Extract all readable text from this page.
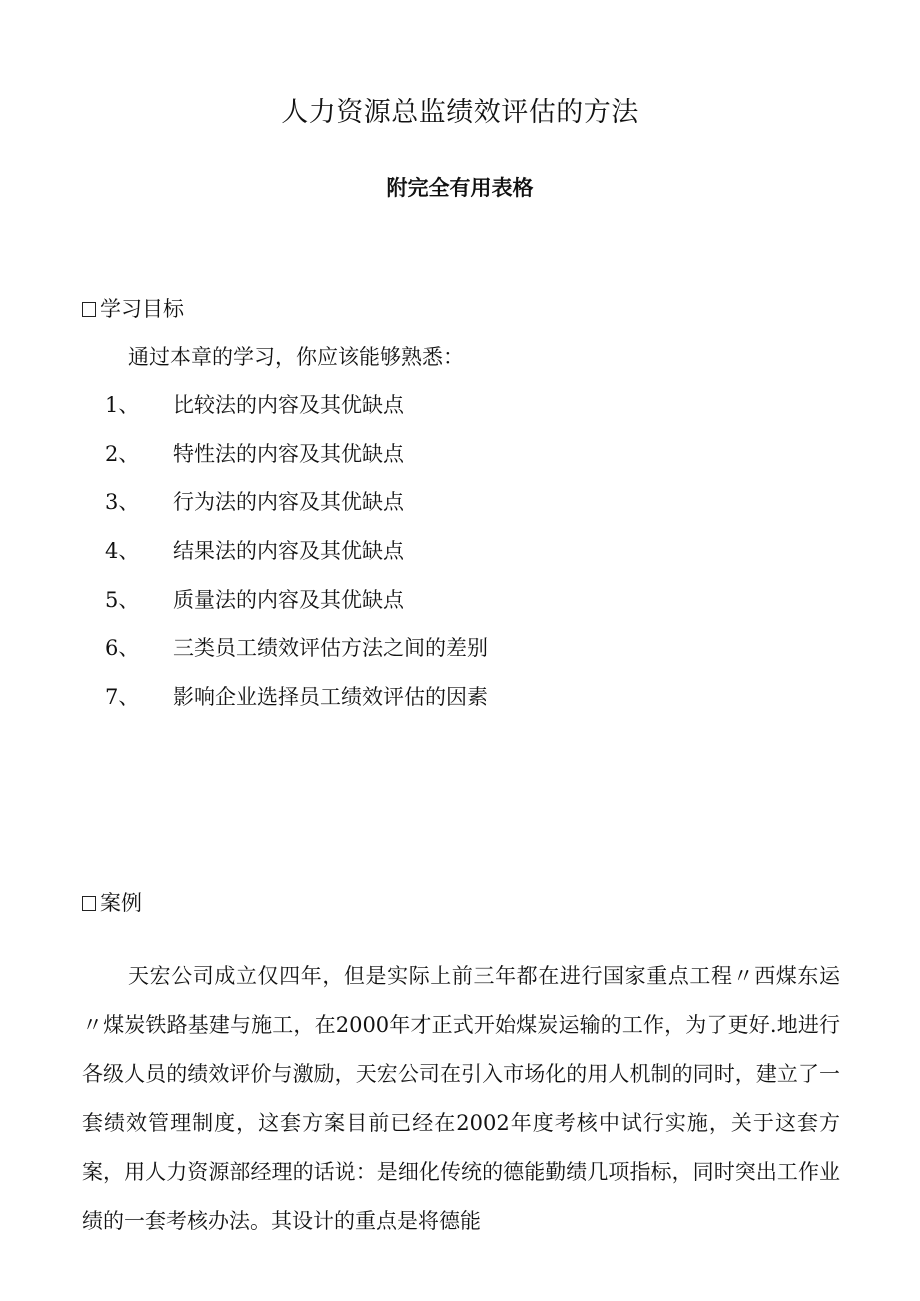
人力资源总监绩效评估的方法
附完全有用表格
学习目标
通过本章的学习，你应该能够熟悉：
1、	比较法的内容及其优缺点
2、	特性法的内容及其优缺点
3、	行为法的内容及其优缺点
4、	结果法的内容及其优缺点
5、	质量法的内容及其优缺点
6、	三类员工绩效评估方法之间的差别
7、	影响企业选择员工绩效评估的因素
案例

天宏公司成立仅四年，但是实际上前三年都在进行国家重点工程〃西煤东运〃煤炭铁路基建与施工，在2000年才正式开始煤炭运输的工作，为了更好.地进行各级人员的绩效评价与激励，天宏公司在引入市场化的用人机制的同时，建立了一套绩效管理制度，这套方案目前已经在2002年度考核中试行实施，关于这套方案，用人力资源部经理的话说：是细化传统的德能勤绩几项指标，同时突出工作业绩的一套考核办法。其设计的重点是将德能
